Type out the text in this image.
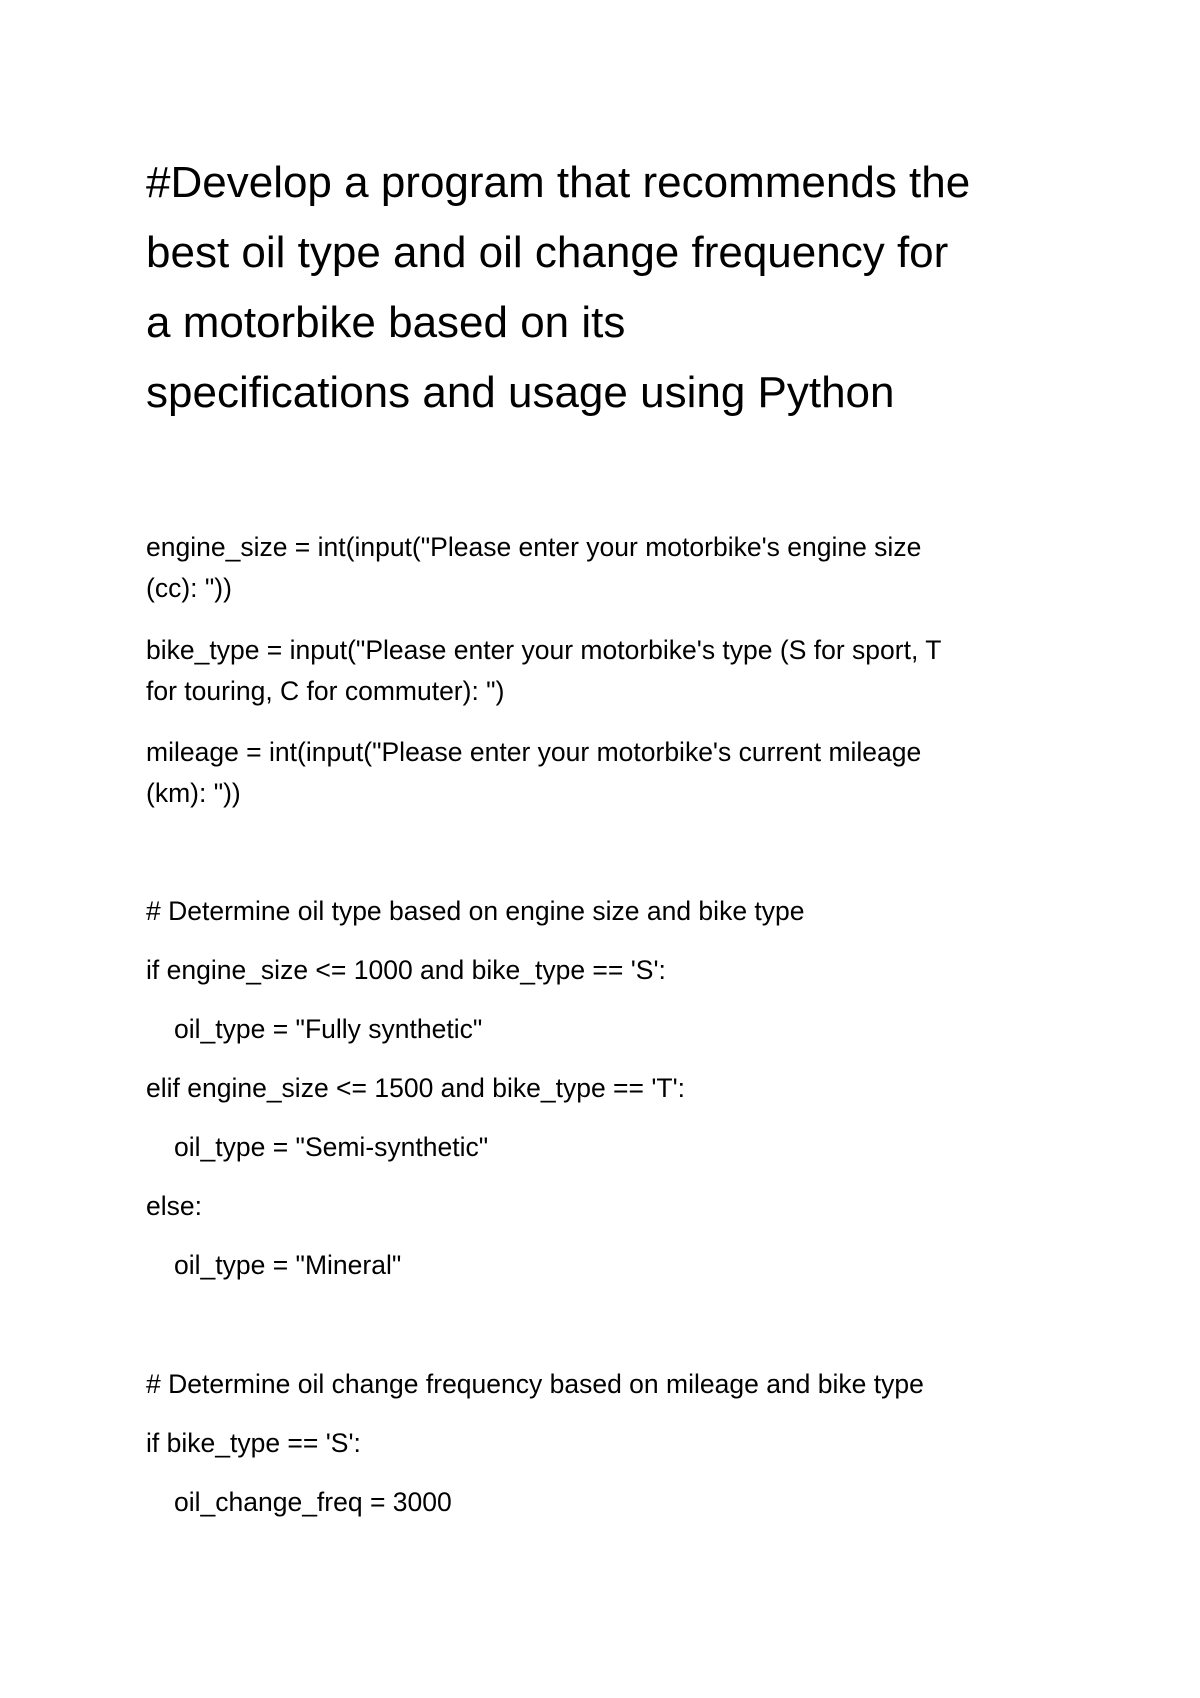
#Develop a program that recommends the
best oil type and oil change frequency for
a motorbike based on its
specifications and usage using Python

engine_size = int(input("Please enter your motorbike's engine size

(cc): "))

bike_type = input("Please enter your motorbike's type (S for sport, T

for touring, C for commuter): ")

mileage = int(input("Please enter your motorbike's current mileage

(km): "))

# Determine oil type based on engine size and bike type

if engine_size <= 1000 and bike_type == 'S':

oil_type = "Fully synthetic"

elif engine_size <= 1500 and bike_type == 'T':

oil_type = "Semi-synthetic"

else:

oil_type = "Mineral"

# Determine oil change frequency based on mileage and bike type

if bike_type == 'S':

oil_change_freq = 3000
